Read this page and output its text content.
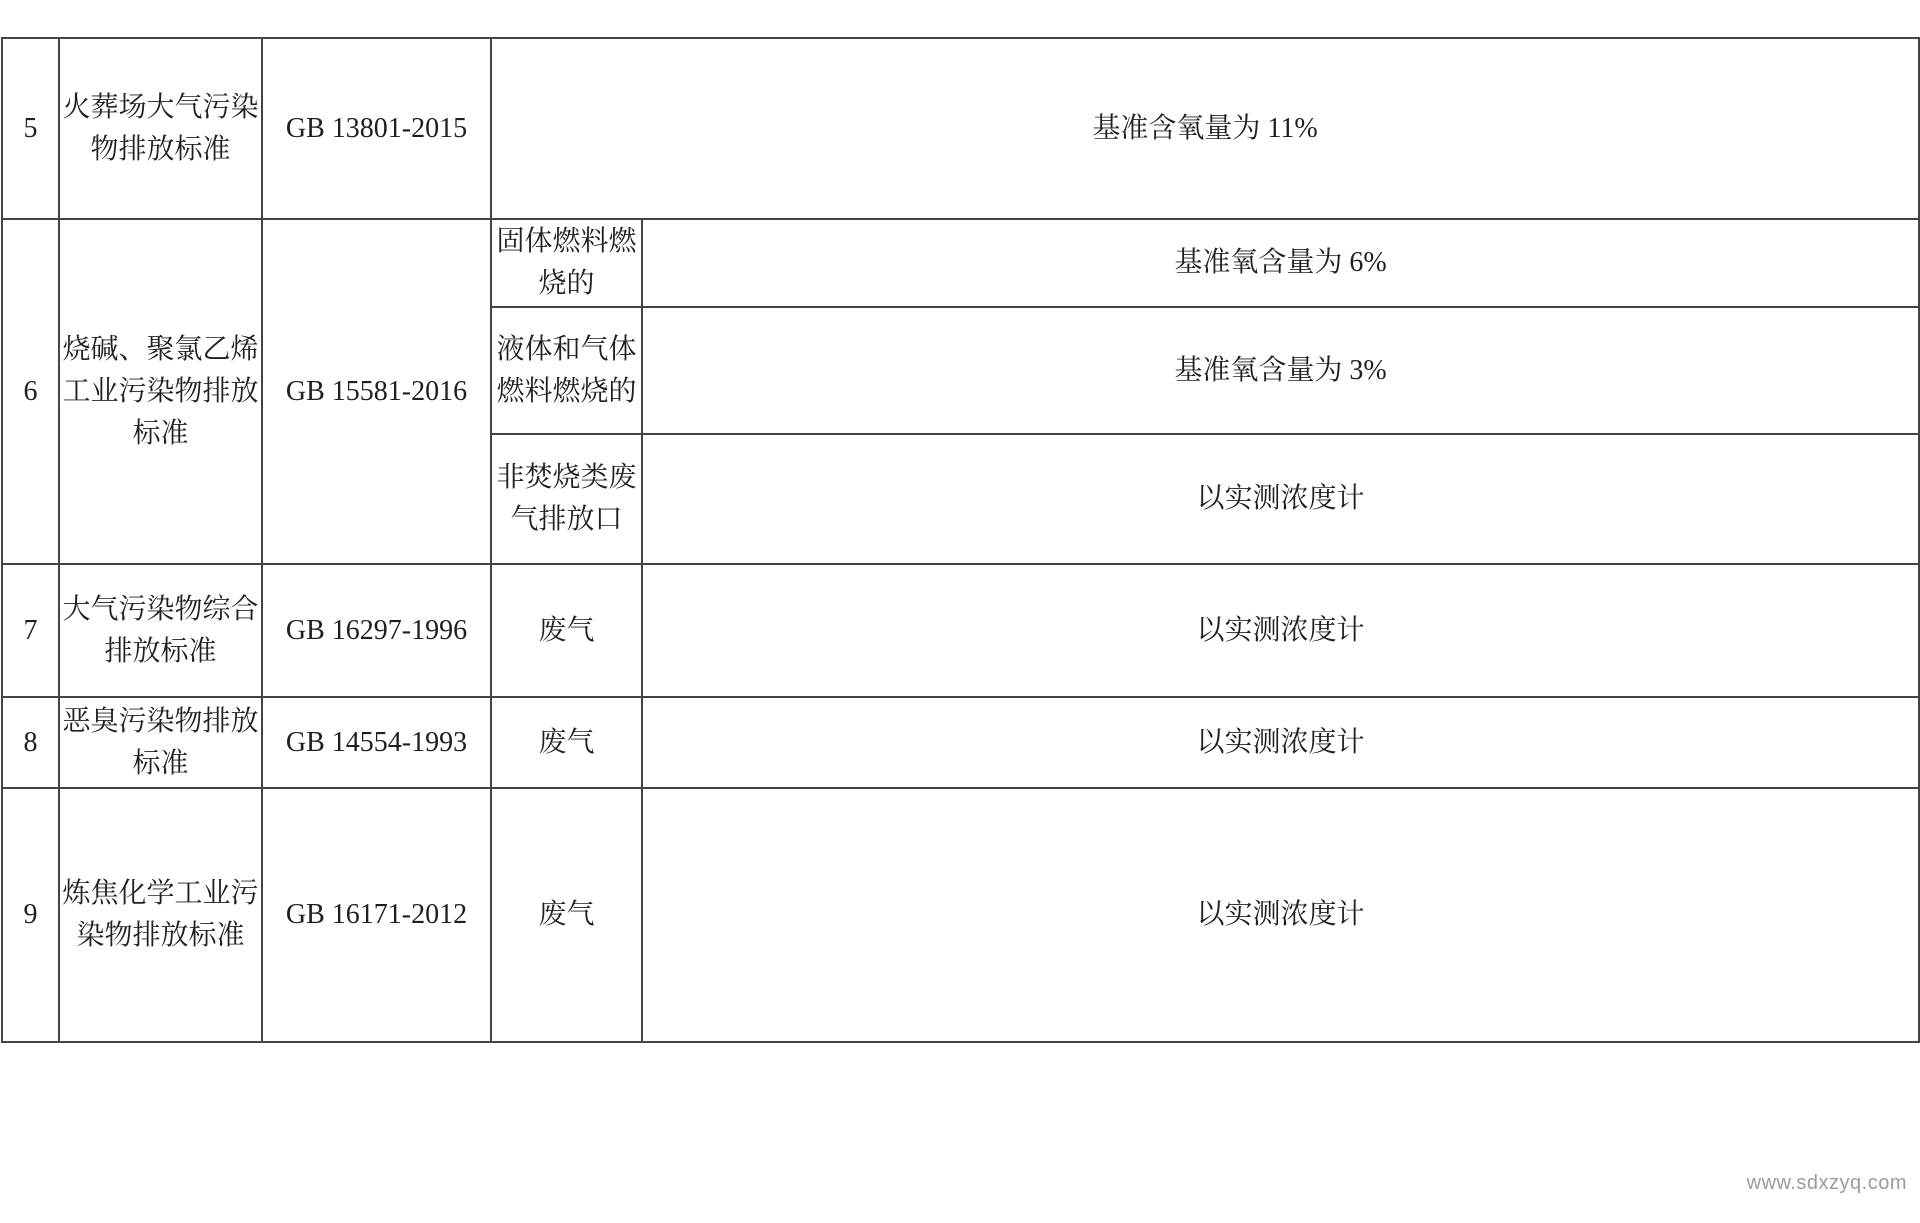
5	火葬场大气污染物排放标准	GB 13801-2015	基准含氧量为 11%	
6	烧碱、聚氯乙烯工业污染物排放标准	GB 15581-2016	固体燃料燃烧的	基准氧含量为 6%
			液体和气体燃料燃烧的	基准氧含量为 3%
			非焚烧类废气排放口	以实测浓度计
7	大气污染物综合排放标准	GB 16297-1996	废气	以实测浓度计
8	恶臭污染物排放标准	GB 14554-1993	废气	以实测浓度计
9	炼焦化学工业污染物排放标准	GB 16171-2012	废气	以实测浓度计
www.sdxzyq.com
